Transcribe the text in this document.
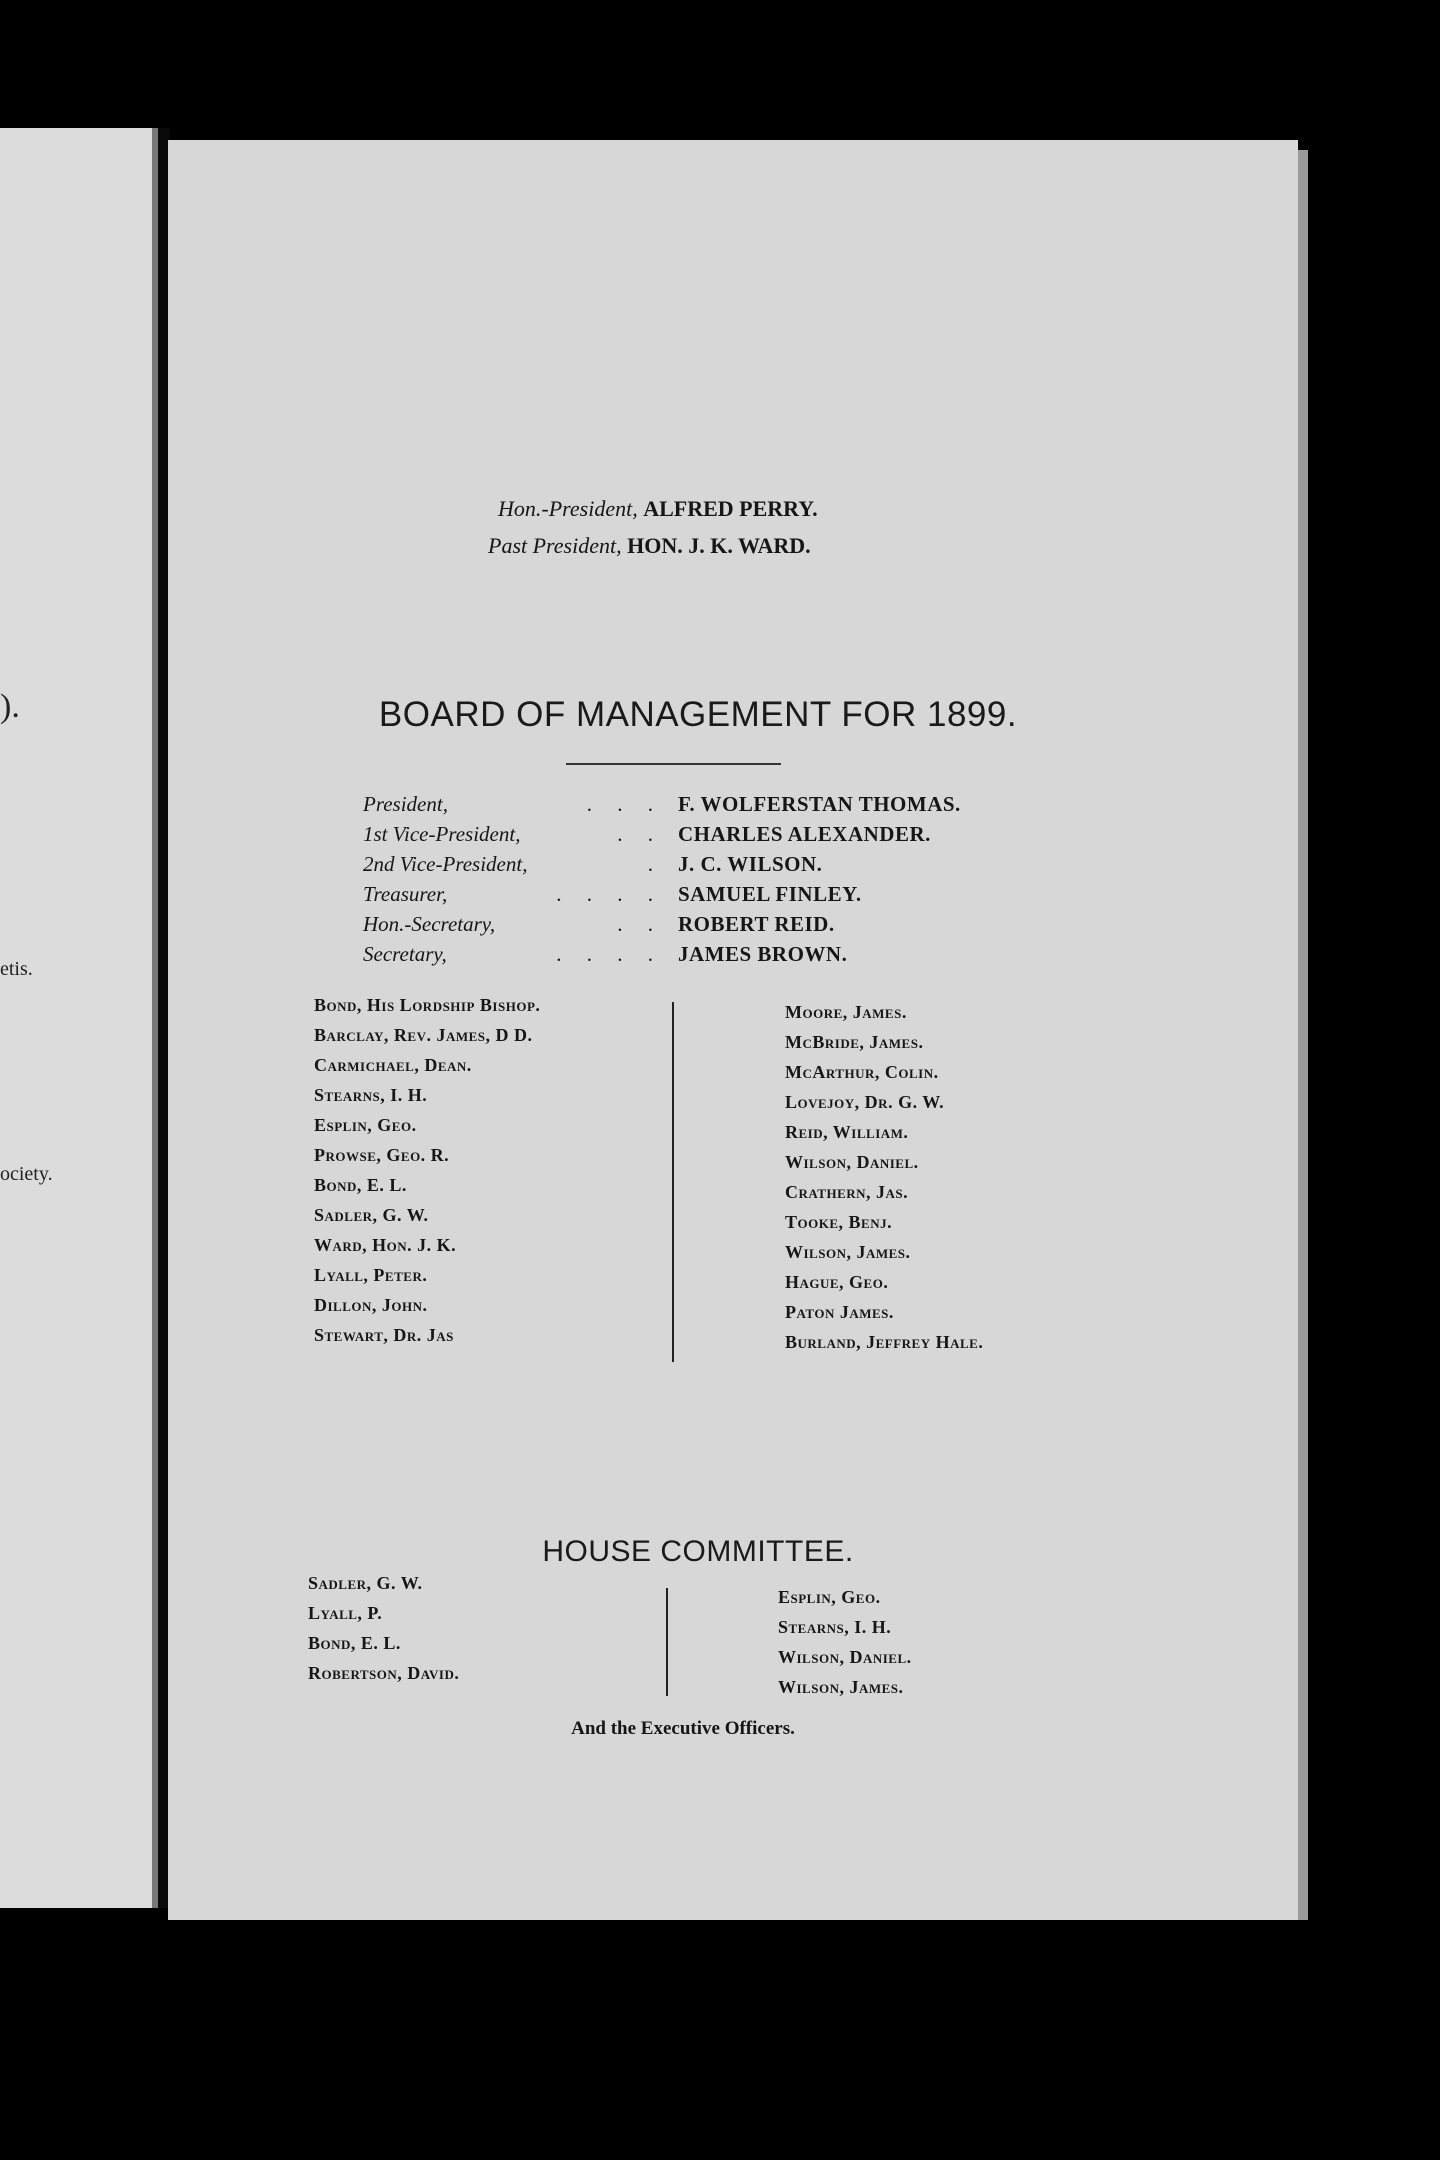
).
etis.
ociety.
Hon.-President, ALFRED PERRY.
Past President, HON. J. K. WARD.
BOARD OF MANAGEMENT FOR 1899.
President,	. . . F. WOLFERSTAN THOMAS.
1st Vice-President,	. . CHARLES ALEXANDER.
2nd Vice-President,	. J. C. WILSON.
Treasurer,	. . . . SAMUEL FINLEY.
Hon.-Secretary,	. . ROBERT REID.
Secretary,	. . . . JAMES BROWN.
Bond, His Lordship Bishop.
Barclay, Rev. James, D D.
Carmichael, Dean.
Stearns, I. H.
Esplin, Geo.
Prowse, Geo. R.
Bond, E. L.
Sadler, G. W.
Ward, Hon. J. K.
Lyall, Peter.
Dillon, John.
Stewart, Dr. Jas
Moore, James.
McBride, James.
McArthur, Colin.
Lovejoy, Dr. G. W.
Reid, William.
Wilson, Daniel.
Crathern, Jas.
Tooke, Benj.
Wilson, James.
Hague, Geo.
Paton James.
Burland, Jeffrey Hale.
HOUSE COMMITTEE.
Sadler, G. W.
Lyall, P.
Bond, E. L.
Robertson, David.
Esplin, Geo.
Stearns, I. H.
Wilson, Daniel.
Wilson, James.
And the Executive Officers.
